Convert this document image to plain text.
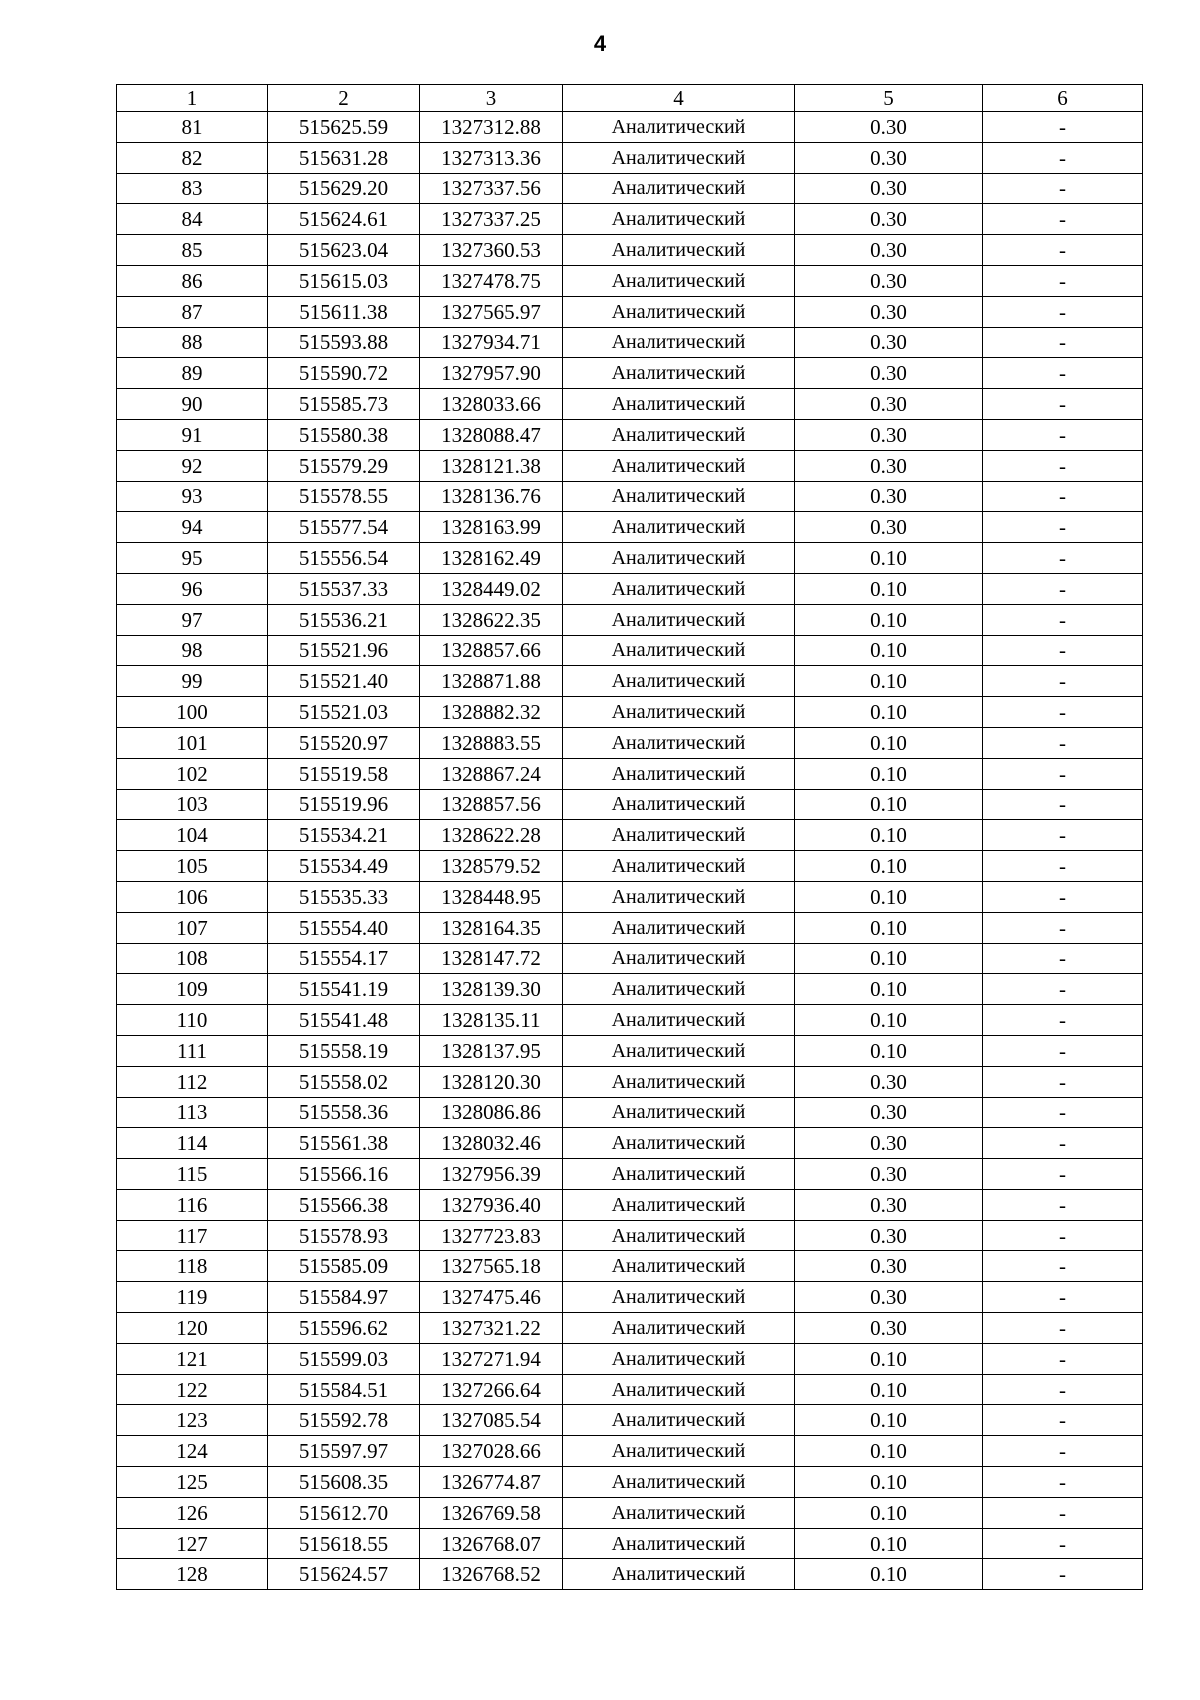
4
1	2	3	4	5	6
81	515625.59	1327312.88	Аналитический	0.30	-
82	515631.28	1327313.36	Аналитический	0.30	-
83	515629.20	1327337.56	Аналитический	0.30	-
84	515624.61	1327337.25	Аналитический	0.30	-
85	515623.04	1327360.53	Аналитический	0.30	-
86	515615.03	1327478.75	Аналитический	0.30	-
87	515611.38	1327565.97	Аналитический	0.30	-
88	515593.88	1327934.71	Аналитический	0.30	-
89	515590.72	1327957.90	Аналитический	0.30	-
90	515585.73	1328033.66	Аналитический	0.30	-
91	515580.38	1328088.47	Аналитический	0.30	-
92	515579.29	1328121.38	Аналитический	0.30	-
93	515578.55	1328136.76	Аналитический	0.30	-
94	515577.54	1328163.99	Аналитический	0.30	-
95	515556.54	1328162.49	Аналитический	0.10	-
96	515537.33	1328449.02	Аналитический	0.10	-
97	515536.21	1328622.35	Аналитический	0.10	-
98	515521.96	1328857.66	Аналитический	0.10	-
99	515521.40	1328871.88	Аналитический	0.10	-
100	515521.03	1328882.32	Аналитический	0.10	-
101	515520.97	1328883.55	Аналитический	0.10	-
102	515519.58	1328867.24	Аналитический	0.10	-
103	515519.96	1328857.56	Аналитический	0.10	-
104	515534.21	1328622.28	Аналитический	0.10	-
105	515534.49	1328579.52	Аналитический	0.10	-
106	515535.33	1328448.95	Аналитический	0.10	-
107	515554.40	1328164.35	Аналитический	0.10	-
108	515554.17	1328147.72	Аналитический	0.10	-
109	515541.19	1328139.30	Аналитический	0.10	-
110	515541.48	1328135.11	Аналитический	0.10	-
111	515558.19	1328137.95	Аналитический	0.10	-
112	515558.02	1328120.30	Аналитический	0.30	-
113	515558.36	1328086.86	Аналитический	0.30	-
114	515561.38	1328032.46	Аналитический	0.30	-
115	515566.16	1327956.39	Аналитический	0.30	-
116	515566.38	1327936.40	Аналитический	0.30	-
117	515578.93	1327723.83	Аналитический	0.30	-
118	515585.09	1327565.18	Аналитический	0.30	-
119	515584.97	1327475.46	Аналитический	0.30	-
120	515596.62	1327321.22	Аналитический	0.30	-
121	515599.03	1327271.94	Аналитический	0.10	-
122	515584.51	1327266.64	Аналитический	0.10	-
123	515592.78	1327085.54	Аналитический	0.10	-
124	515597.97	1327028.66	Аналитический	0.10	-
125	515608.35	1326774.87	Аналитический	0.10	-
126	515612.70	1326769.58	Аналитический	0.10	-
127	515618.55	1326768.07	Аналитический	0.10	-
128	515624.57	1326768.52	Аналитический	0.10	-
